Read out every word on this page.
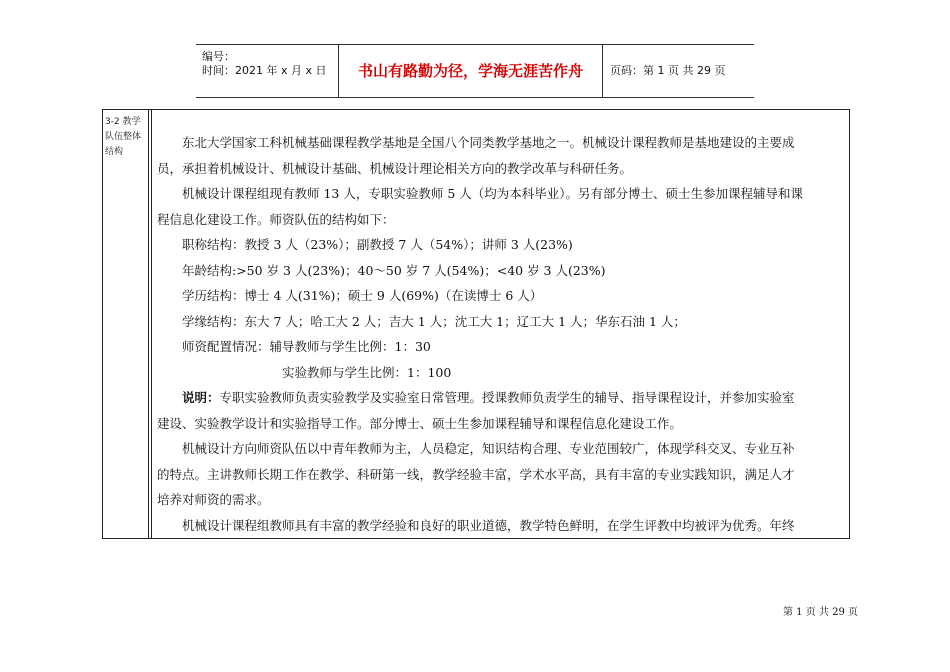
编号：
时间：2021 年 x 月 x 日	书山有路勤为径，学海无涯苦作舟	页码：第 1 页 共 29 页
3-2 教学
队伍整体
结构

东北大学国家工科机械基础课程教学基地是全国八个同类教学基地之一。机械设计课程教师是基地建设的主要成

员，承担着机械设计、机械设计基础、机械设计理论相关方向的教学改革与科研任务。

机械设计课程组现有教师 13 人，专职实验教师 5 人（均为本科毕业）。另有部分博士、硕士生参加课程辅导和课

程信息化建设工作。师资队伍的结构如下：

职称结构：教授 3 人（23%）；副教授 7 人（54%）；讲师 3 人(23%)

年龄结构:>50 岁 3 人(23%)；40～50 岁 7 人(54%)；<40 岁 3 人(23%)

学历结构：博士 4 人(31%)；硕士 9 人(69%)（在读博士 6 人）

学缘结构：东大 7 人；哈工大 2 人；吉大 1 人；沈工大 1；辽工大 1 人；华东石油 1 人；

师资配置情况：辅导教师与学生比例：1：30

实验教师与学生比例：1：100

说明：专职实验教师负责实验教学及实验室日常管理。授课教师负责学生的辅导、指导课程设计，并参加实验室

建设、实验教学设计和实验指导工作。部分博士、硕士生参加课程辅导和课程信息化建设工作。

机械设计方向师资队伍以中青年教师为主，人员稳定，知识结构合理、专业范围较广，体现学科交叉、专业互补

的特点。主讲教师长期工作在教学、科研第一线，教学经验丰富，学术水平高，具有丰富的专业实践知识，满足人才

培养对师资的需求。

机械设计课程组教师具有丰富的教学经验和良好的职业道德，教学特色鲜明，在学生评教中均被评为优秀。年终

第 1 页 共 29 页
